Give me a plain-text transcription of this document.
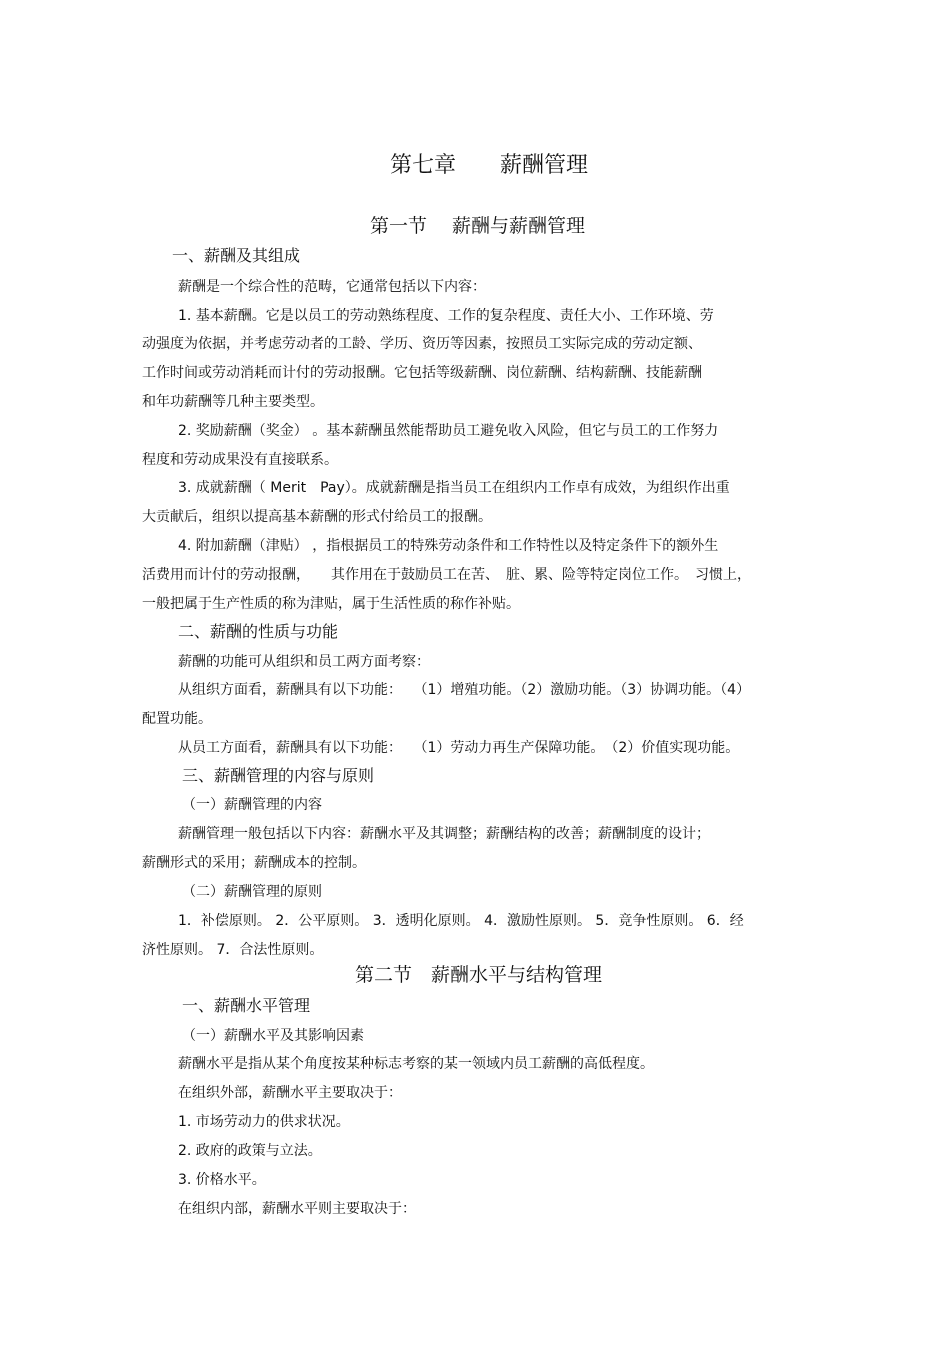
第七章　　薪酬管理
第一节　 薪酬与薪酬管理
一、薪酬及其组成
薪酬是一个综合性的范畴，它通常包括以下内容：
1. 基本薪酬。它是以员工的劳动熟练程度、工作的复杂程度、责任大小、工作环境、劳
动强度为依据，并考虑劳动者的工龄、学历、资历等因素，按照员工实际完成的劳动定额、
工作时间或劳动消耗而计付的劳动报酬。它包括等级薪酬、岗位薪酬、结构薪酬、技能薪酬
和年功薪酬等几种主要类型。
2. 奖励薪酬（奖金） 。基本薪酬虽然能帮助员工避免收入风险，但它与员工的工作努力
程度和劳动成果没有直接联系。
3. 成就薪酬（ Merit　Pay）。成就薪酬是指当员工在组织内工作卓有成效，为组织作出重
大贡献后，组织以提高基本薪酬的形式付给员工的报酬。
4. 附加薪酬（津贴） ，指根据员工的特殊劳动条件和工作特性以及特定条件下的额外生
活费用而计付的劳动报酬，　　其作用在于鼓励员工在苦、　脏、累、险等特定岗位工作。　习惯上，
一般把属于生产性质的称为津贴，属于生活性质的称作补贴。
二、薪酬的性质与功能
薪酬的功能可从组织和员工两方面考察：
从组织方面看，薪酬具有以下功能：　 （1）增殖功能。（2）激励功能。（3）协调功能。（4）
配置功能。
从员工方面看，薪酬具有以下功能：　 （1）劳动力再生产保障功能。　（2）价值实现功能。
三、薪酬管理的内容与原则
（一）薪酬管理的内容
薪酬管理一般包括以下内容：薪酬水平及其调整；薪酬结构的改善；薪酬制度的设计；
薪酬形式的采用；薪酬成本的控制。
（二）薪酬管理的原则
1．补偿原则。 2．公平原则。 3．透明化原则。 4．激励性原则。 5．竞争性原则。 6．经
济性原则。 7．合法性原则。
第二节　薪酬水平与结构管理
一、薪酬水平管理
（一）薪酬水平及其影响因素
薪酬水平是指从某个角度按某种标志考察的某一领域内员工薪酬的高低程度。
在组织外部，薪酬水平主要取决于：
1. 市场劳动力的供求状况。
2. 政府的政策与立法。
3. 价格水平。
在组织内部，薪酬水平则主要取决于：
